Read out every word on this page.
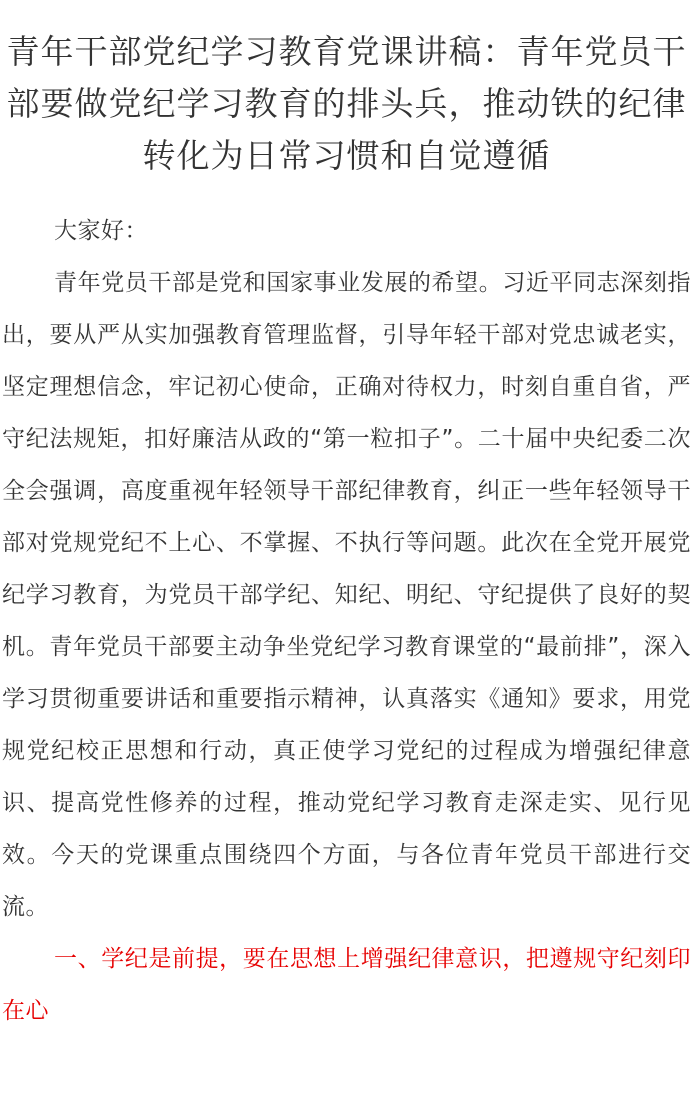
青年干部党纪学习教育党课讲稿：青年党员干部要做党纪学习教育的排头兵，推动铁的纪律转化为日常习惯和自觉遵循

大家好：

青年党员干部是党和国家事业发展的希望。习近平同志深刻指出，要从严从实加强教育管理监督，引导年轻干部对党忠诚老实，坚定理想信念，牢记初心使命，正确对待权力，时刻自重自省，严守纪法规矩，扣好廉洁从政的“第一粒扣子”。二十届中央纪委二次全会强调，高度重视年轻领导干部纪律教育，纠正一些年轻领导干部对党规党纪不上心、不掌握、不执行等问题。此次在全党开展党纪学习教育，为党员干部学纪、知纪、明纪、守纪提供了良好的契机。青年党员干部要主动争坐党纪学习教育课堂的“最前排”，深入学习贯彻重要讲话和重要指示精神，认真落实《通知》要求，用党规党纪校正思想和行动，真正使学习党纪的过程成为增强纪律意识、提高党性修养的过程，推动党纪学习教育走深走实、见行见效。今天的党课重点围绕四个方面，与各位青年党员干部进行交流。

一、学纪是前提，要在思想上增强纪律意识，把遵规守纪刻印在心
